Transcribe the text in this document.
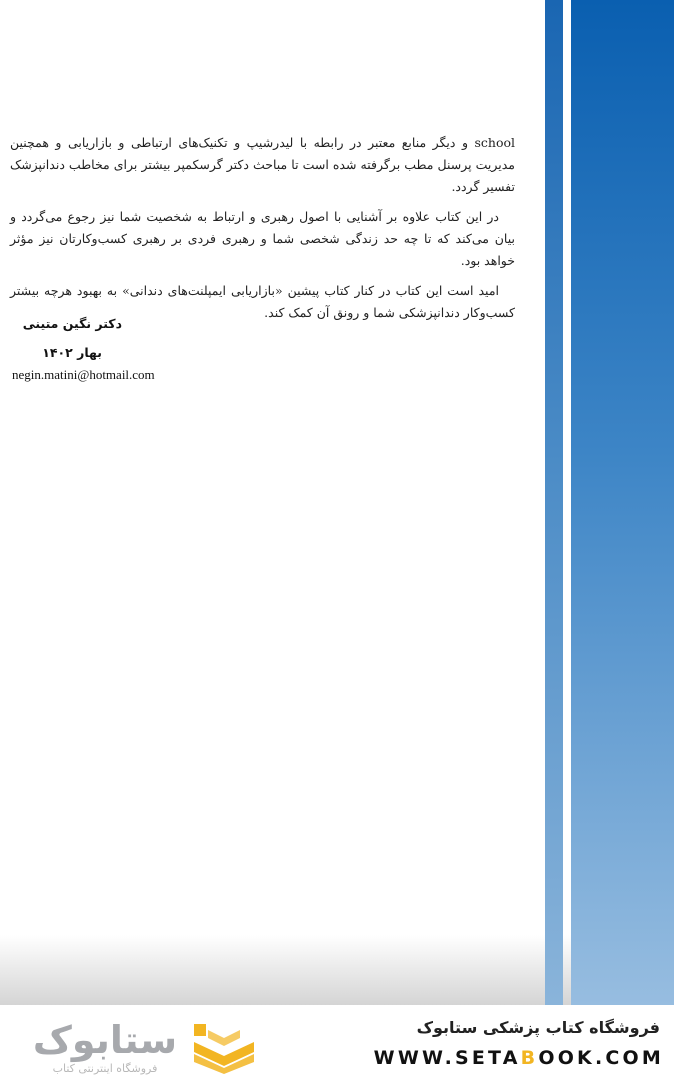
school و دیگر منابع معتبر در رابطه با لیدرشیپ و تکنیک‌های ارتباطی و بازاریابی و همچنین مدیریت پرسنل مطب برگرفته شده است تا مباحث دکتر گرسکمپر بیشتر برای مخاطب دندانپزشک تفسیر گردد.

در این کتاب علاوه بر آشنایی با اصول رهبری و ارتباط به شخصیت شما نیز رجوع می‌گردد و بیان می‌کند که تا چه حد زندگی شخصی شما و رهبری فردی بر رهبری کسب‌وکارتان نیز مؤثر خواهد بود.

امید است این کتاب در کنار کتاب پیشین «بازاریابی ایمپلنت‌های دندانی» به بهبود هرچه بیشتر کسب‌وکار دندانپزشکی شما و رونق آن کمک کند.

دکتر نگین متینی
بهار ۱۴۰۲
negin.matini@hotmail.com
ستابوک
فروشگاه اینترنتی کتاب
فروشگاه کتاب پزشکی ستابوک
WWW.SETABOOK.COM
